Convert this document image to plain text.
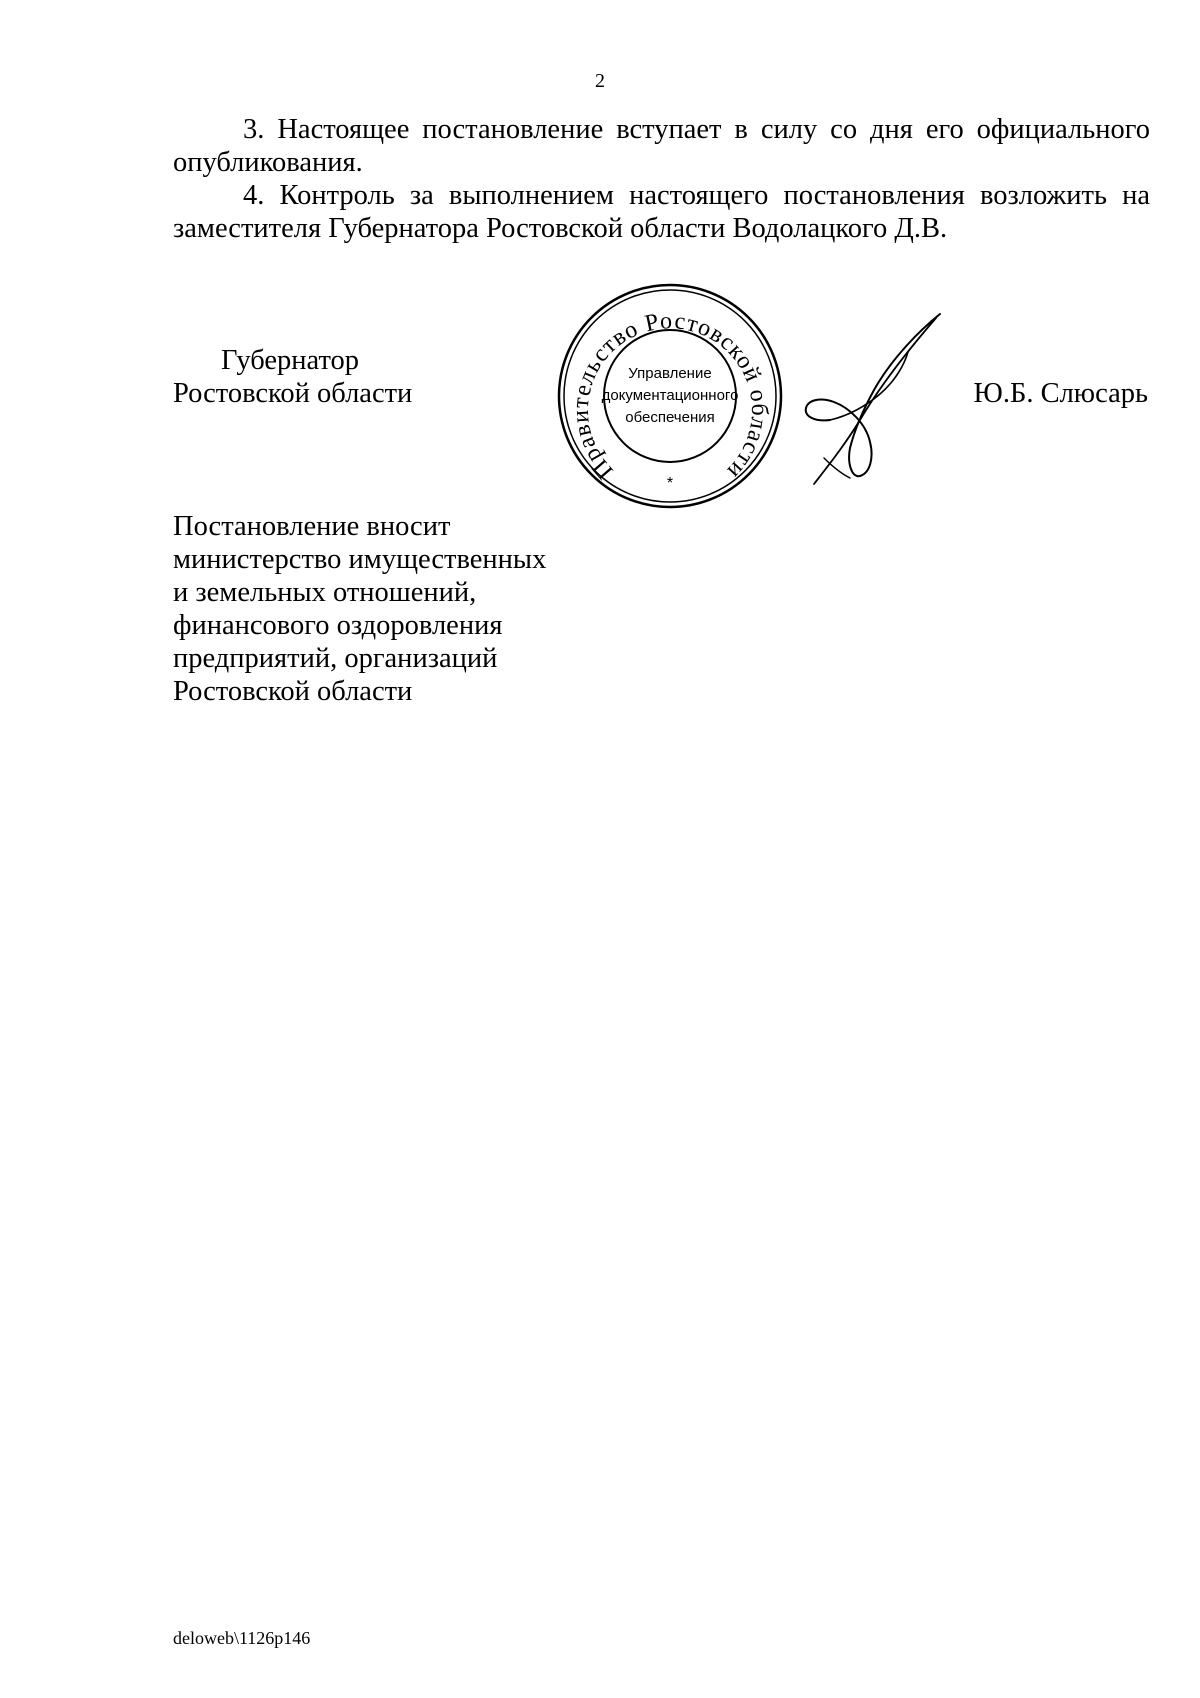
2

3. Настоящее постановление вступает в силу со дня его официального опубликования.

4. Контроль за выполнением настоящего постановления возложить на заместителя Губернатора Ростовской области Водолацкого Д.В.

Губернатор
Ростовской области
Правительство Ростовской области
Управление
документационного
обеспечения
*
Ю.Б. Слюсарь
Постановление вносит
министерство имущественных
и земельных отношений,
финансового оздоровления
предприятий, организаций
Ростовской области
deloweb\1126p146
